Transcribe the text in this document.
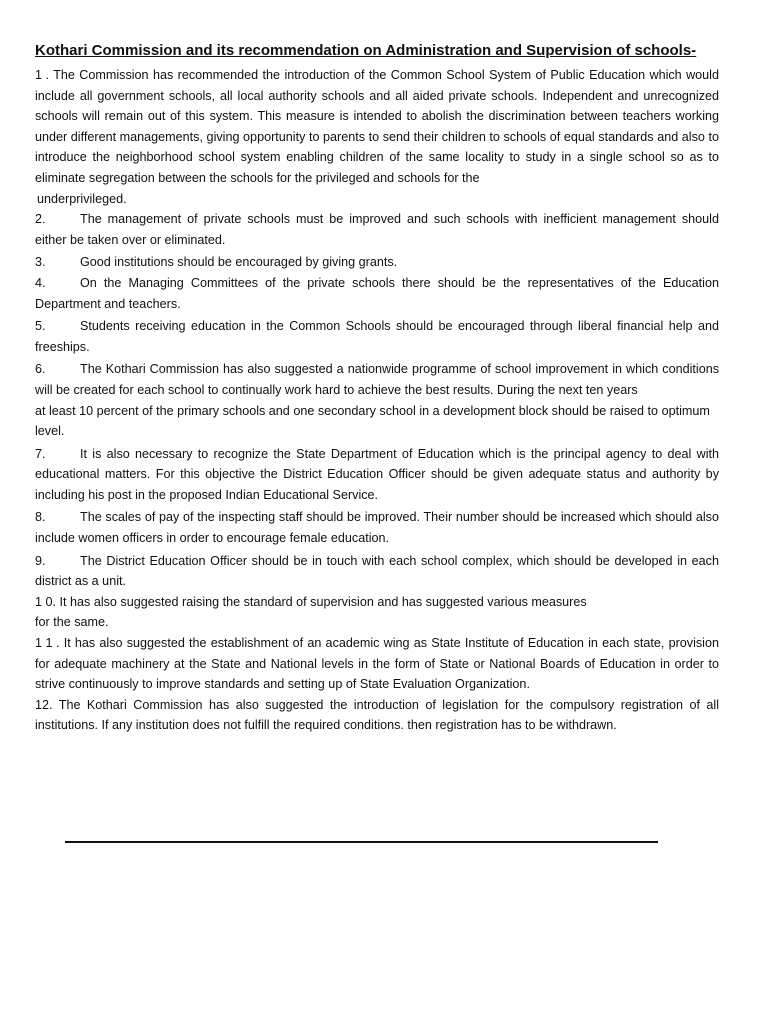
Kothari Commission and its recommendation on Administration and Supervision of schools-

1 . The Commission has recommended the introduction of the Common School System of Public Education which would include all government schools, all local authority schools and all aided private schools. Independent and unrecognized schools will remain out of this system. This measure is intended to abolish the discrimination between teachers working under different managements, giving opportunity to parents to send their children to schools of equal standards and also to introduce the neighborhood school system enabling children of the same locality to study in a single school so as to eliminate segregation between the schools for the privileged and schools for the

underprivileged.

2.	The management of private schools must be improved and such schools with inefficient management should either be taken over or eliminated.

3.	Good institutions should be encouraged by giving grants.

4.	On the Managing Committees of the private schools there should be the representatives of the Education Department and teachers.

5.	Students receiving education in the Common Schools should be encouraged through liberal financial help and freeships.

6.	The Kothari Commission has also suggested a nationwide programme of school improvement in which conditions will be created for each school to continually work hard to achieve the best results. During the next ten years

at least 10 percent of the primary schools and one secondary school in a development block should be raised to optimum level.

7.	It is also necessary to recognize the State Department of Education which is the principal agency to deal with educational matters. For this objective the District Education Officer should be given adequate status and authority by including his post in the proposed Indian Educational Service.

8.	The scales of pay of the inspecting staff should be improved. Their number should be increased which should also include women officers in order to encourage female education.

9.	The District Education Officer should be in touch with each school complex, which should be developed in each district as a unit.

1 0. It has also suggested raising the standard of supervision and has suggested various measures

for the same.

1 1 . It has also suggested the establishment of an academic wing as State Institute of Education in each state, provision for adequate machinery at the State and National levels in the form of State or National Boards of Education in order to strive continuously to improve standards and setting up of State Evaluation Organization.

12. The Kothari Commission has also suggested the introduction of legislation for the compulsory registration of all institutions. If any institution does not fulfill the required conditions. then registration has to be withdrawn.
